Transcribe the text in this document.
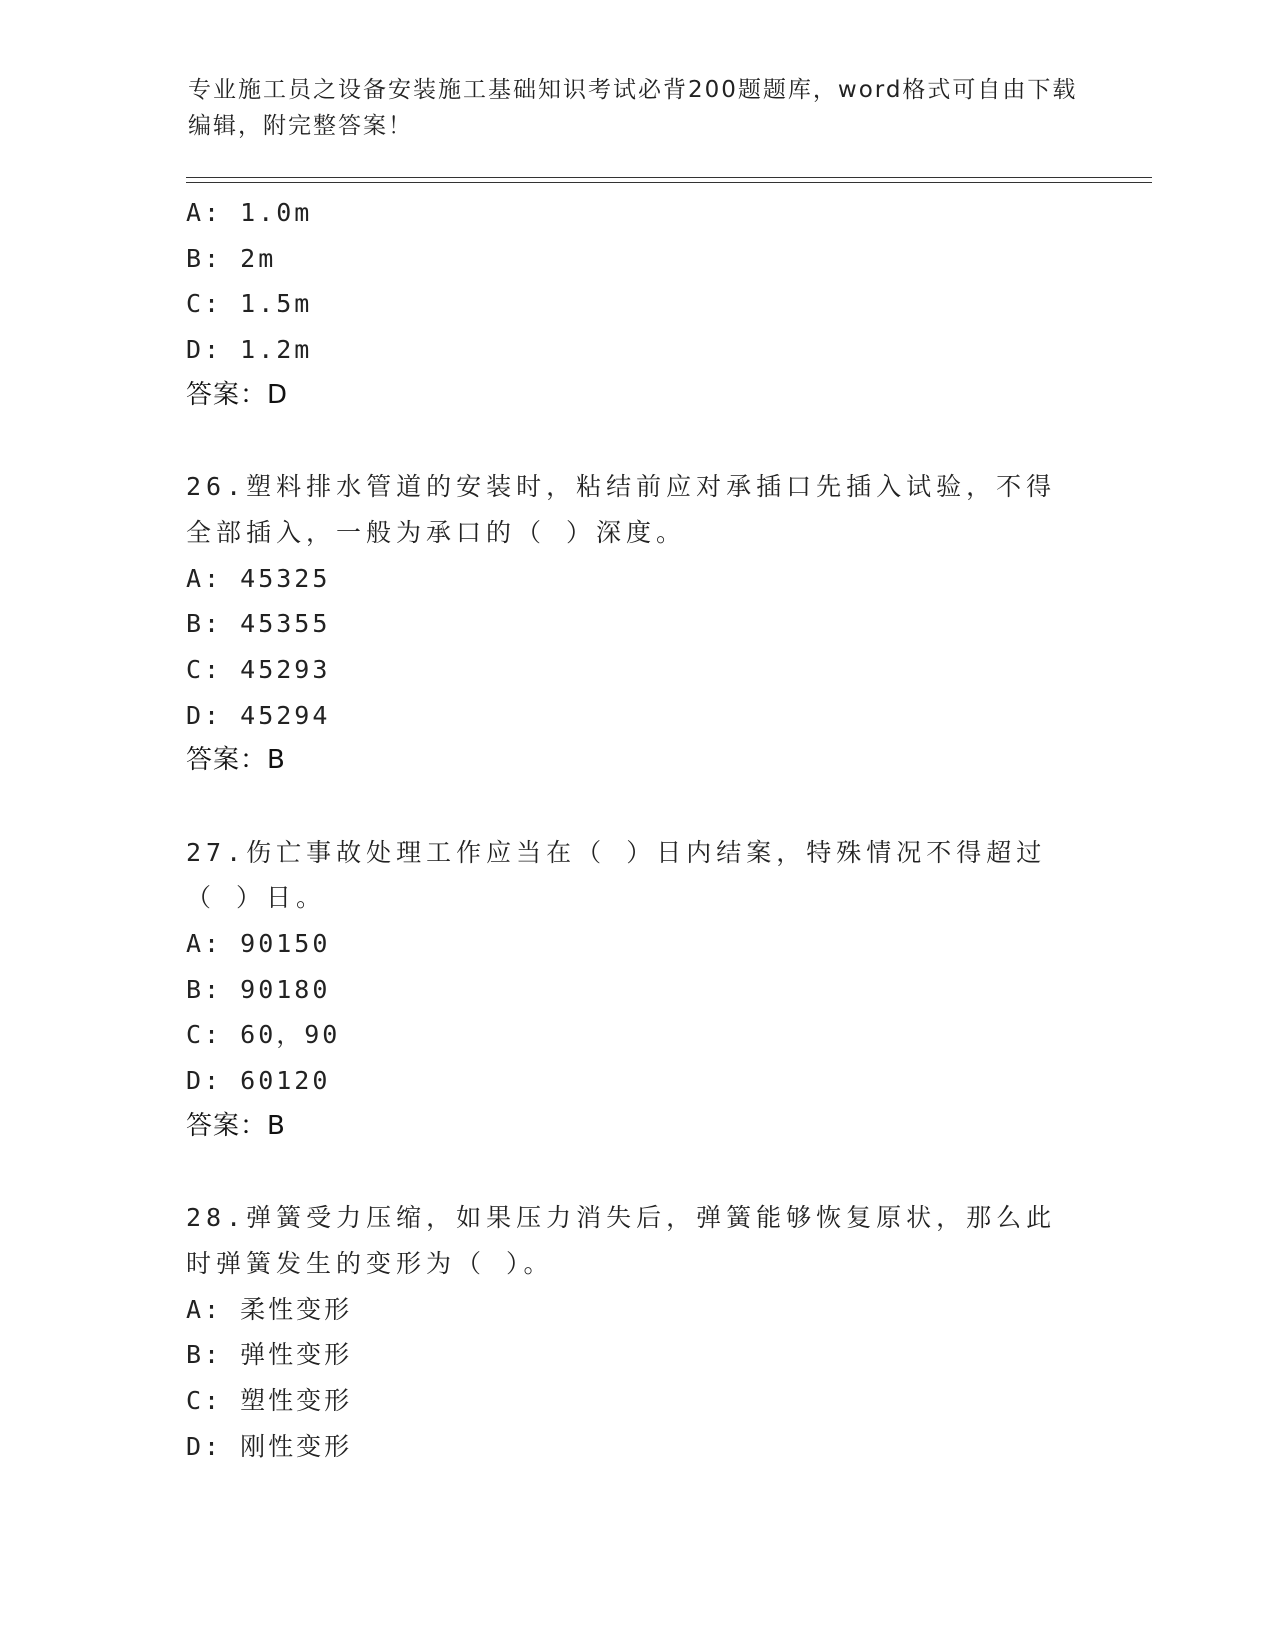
专业施工员之设备安装施工基础知识考试必背200题题库，word格式可自由下载编辑，附完整答案！
A: 1.0m
B: 2m
C: 1.5m
D: 1.2m
答案：D
26.塑料排水管道的安装时，粘结前应对承插口先插入试验，不得全部插入，一般为承口的（ ）深度。
A: 45325
B: 45355
C: 45293
D: 45294
答案：B
27.伤亡事故处理工作应当在（ ）日内结案，特殊情况不得超过（ ）日。
A: 90150
B: 90180
C: 60，90
D: 60120
答案：B
28.弹簧受力压缩，如果压力消失后，弹簧能够恢复原状，那么此时弹簧发生的变形为（ ）。
A: 柔性变形
B: 弹性变形
C: 塑性变形
D: 刚性变形
